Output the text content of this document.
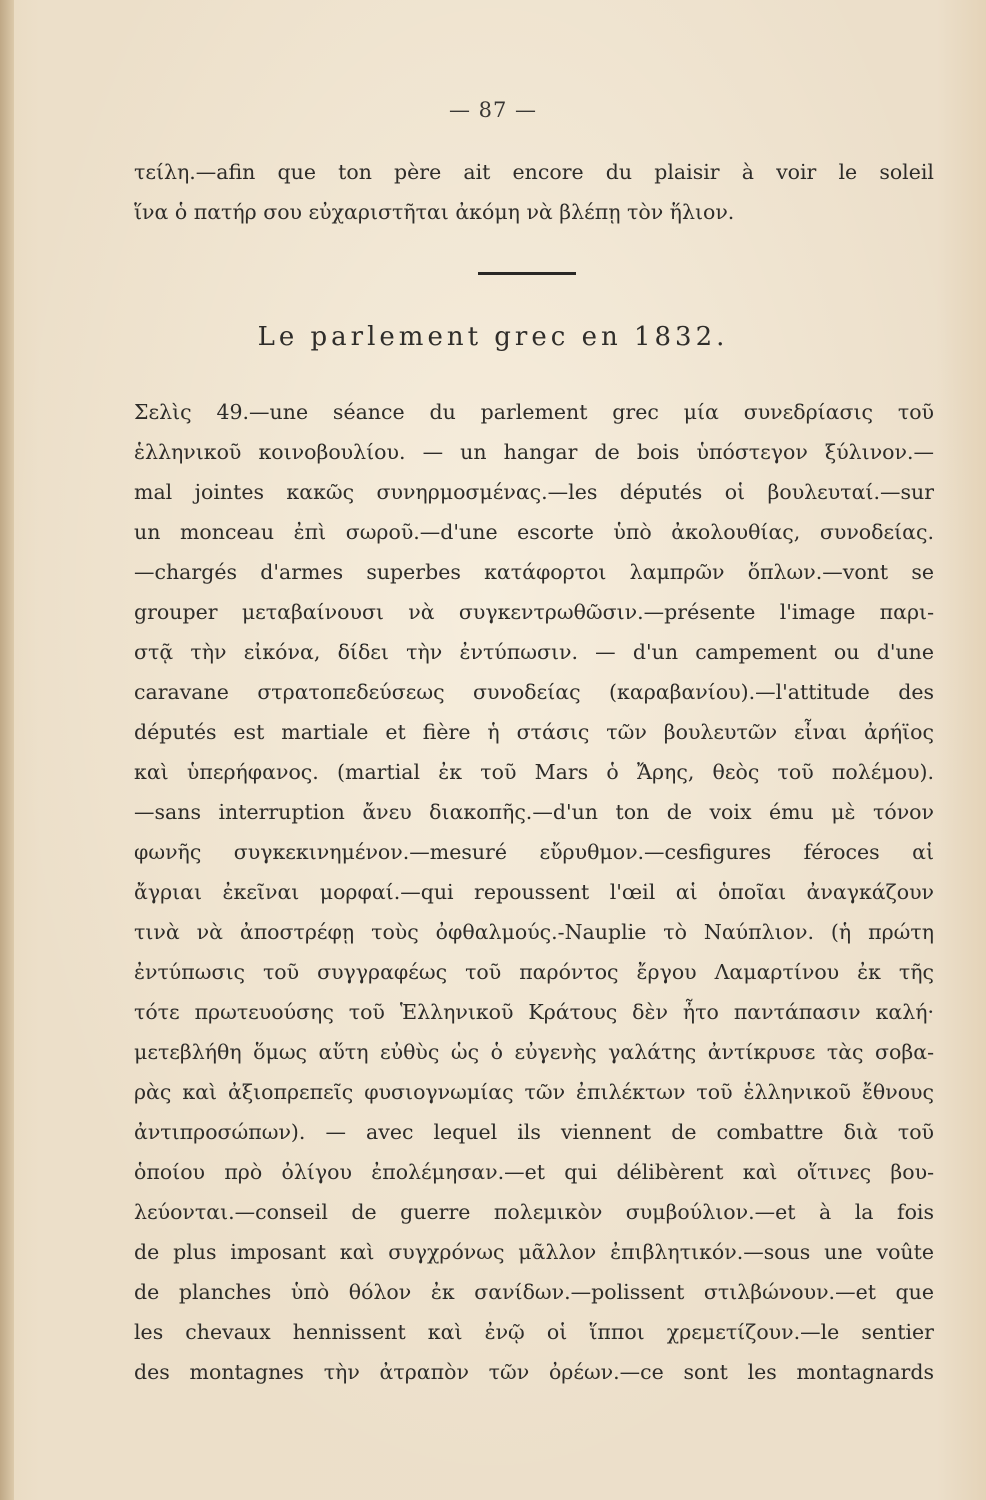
— 87 —
τείλη.—afin que ton père ait encore du plaisir à voir le soleil
ἵνα ὁ πατήρ σου εὐχαριστῆται ἀκόμη νὰ βλέπῃ τὸν ἥλιον.
Le parlement grec en 1832.
Σελὶς 49.—une séance du parlement grec μία συνεδρίασις τοῦ
ἑλληνικοῦ κοινοβουλίου. — un hangar de bois ὑπόστεγον ξύλινον.—
mal jointes κακῶς συνηρμοσμένας.—les députés οἱ βουλευταί.—sur
un monceau ἐπὶ σωροῦ.—d'une escorte ὑπὸ ἀκολουθίας, συνοδείας.
—chargés d'armes superbes κατάφορτοι λαμπρῶν ὅπλων.—vont se
grouper μεταβαίνουσι νὰ συγκεντρωθῶσιν.—présente l'image παρι-
στᾷ τὴν εἰκόνα, δίδει τὴν ἐντύπωσιν. — d'un campement ou d'une
caravane στρατοπεδεύσεως συνοδείας (καραβανίου).—l'attitude des
députés est martiale et fière ἡ στάσις τῶν βουλευτῶν εἶναι ἀρήϊος
καὶ ὑπερήφανος. (martial ἐκ τοῦ Mars ὁ Ἄρης, θεὸς τοῦ πολέμου).
—sans interruption ἄνευ διακοπῆς.—d'un ton de voix ému μὲ τόνον
φωνῆς συγκεκινημένον.—mesuré εὔρυθμον.—cesfigures féroces αἱ
ἄγριαι ἐκεῖναι μορφαί.—qui repoussent l'œil αἱ ὁποῖαι ἀναγκάζουν
τινὰ νὰ ἀποστρέφῃ τοὺς ὀφθαλμούς.-Nauplie τὸ Ναύπλιον. (ἡ πρώτη
ἐντύπωσις τοῦ συγγραφέως τοῦ παρόντος ἔργου Λαμαρτίνου ἐκ τῆς
τότε πρωτευούσης τοῦ Ἑλληνικοῦ Κράτους δὲν ἦτο παντάπασιν καλή·
μετεβλήθη ὅμως αὕτη εὐθὺς ὡς ὁ εὐγενὴς γαλάτης ἀντίκρυσε τὰς σοβα-
ρὰς καὶ ἀξιοπρεπεῖς φυσιογνωμίας τῶν ἐπιλέκτων τοῦ ἑλληνικοῦ ἔθνους
ἀντιπροσώπων). — avec lequel ils viennent de combattre διὰ τοῦ
ὁποίου πρὸ ὀλίγου ἐπολέμησαν.—et qui délibèrent καὶ οἵτινες βου-
λεύονται.—conseil de guerre πολεμικὸν συμβούλιον.—et à la fois
de plus imposant καὶ συγχρόνως μᾶλλον ἐπιβλητικόν.—sous une voûte
de planches ὑπὸ θόλον ἐκ σανίδων.—polissent στιλβώνουν.—et que
les chevaux hennissent καὶ ἐνῷ οἱ ἵπποι χρεμετίζουν.—le sentier
des montagnes τὴν ἀτραπὸν τῶν ὀρέων.—ce sont les montagnards
